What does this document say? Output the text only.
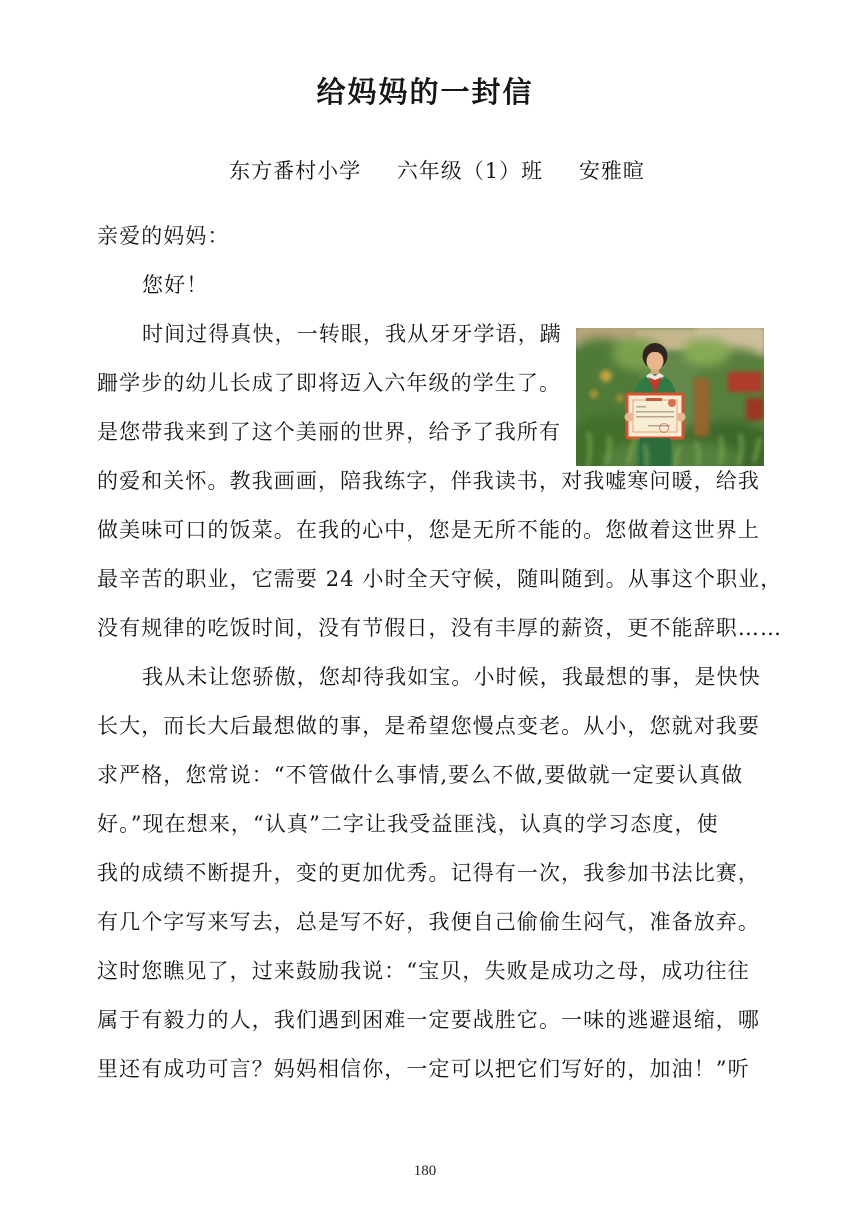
给妈妈的一封信
东方番村小学 六年级（1）班 安雅暄
亲爱的妈妈：
您好！
时间过得真快，一转眼，我从牙牙学语，蹒
跚学步的幼儿长成了即将迈入六年级的学生了。
是您带我来到了这个美丽的世界，给予了我所有
的爱和关怀。教我画画，陪我练字，伴我读书，对我嘘寒问暖，给我
做美味可口的饭菜。在我的心中，您是无所不能的。您做着这世界上
最辛苦的职业，它需要 24 小时全天守候，随叫随到。从事这个职业，
没有规律的吃饭时间，没有节假日，没有丰厚的薪资，更不能辞职……
我从未让您骄傲，您却待我如宝。小时候，我最想的事，是快快
长大，而长大后最想做的事，是希望您慢点变老。从小，您就对我要
求严格，您常说：“不管做什么事情,要么不做,要做就一定要认真做
好。”现在想来，“认真”二字让我受益匪浅，认真的学习态度，使
我的成绩不断提升，变的更加优秀。记得有一次，我参加书法比赛，
有几个字写来写去，总是写不好，我便自己偷偷生闷气，准备放弃。
这时您瞧见了，过来鼓励我说：“宝贝，失败是成功之母，成功往往
属于有毅力的人，我们遇到困难一定要战胜它。一味的逃避退缩，哪
里还有成功可言？妈妈相信你，一定可以把它们写好的，加油！”听
180
